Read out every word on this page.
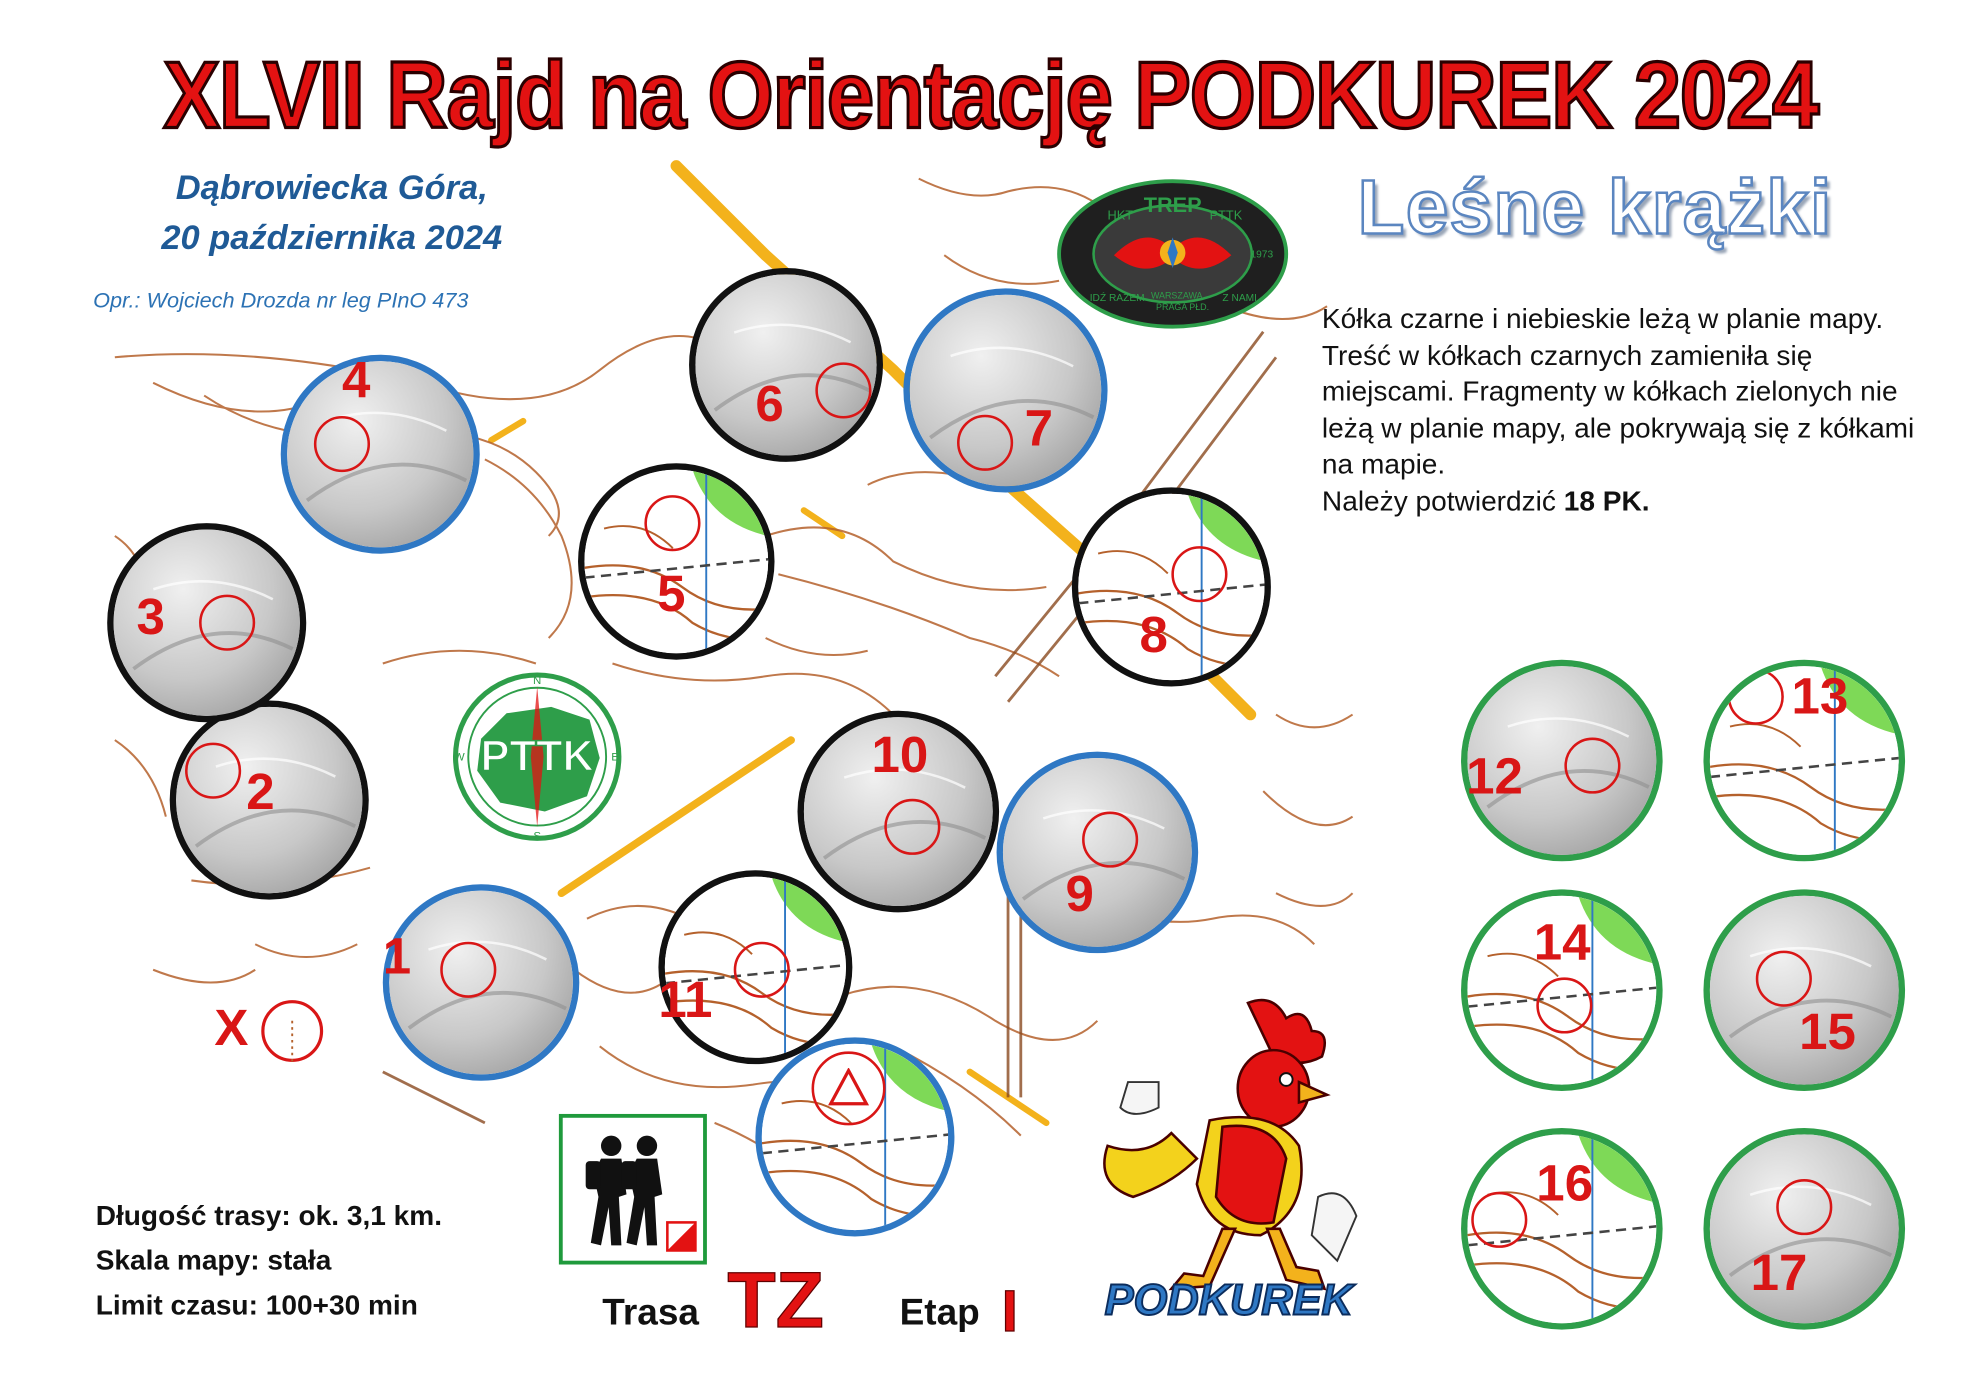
XLVII Rajd na Orientację PODKUREK 2024
Dąbrowiecka Góra,
20 października 2024
Opr.: Wojciech Drozda nr leg PInO 473
Leśne krążki
Kółka czarne i niebieskie leżą w planie mapy. Treść w kółkach czarnych zamieniła się miejscami. Fragmenty w kółkach zielonych nie leżą w planie mapy, ale pokrywają się z kółkami na mapie.
Należy potwierdzić 18 PK.
TREP
HKT	PTTK
IDŹ RAZEM WARSZAWA
PRAGA PŁD.
Z NAMI
1973
PTTK
N
E
S
W
1
2
3
4
5
6	7
8
9
10
11
12
13
14
15
16
17
X
Długość trasy: ok. 3,1 km.
Skala mapy: stała
Limit czasu: 100+30 min	Trasa TZ	Etap I	PODKUREK
